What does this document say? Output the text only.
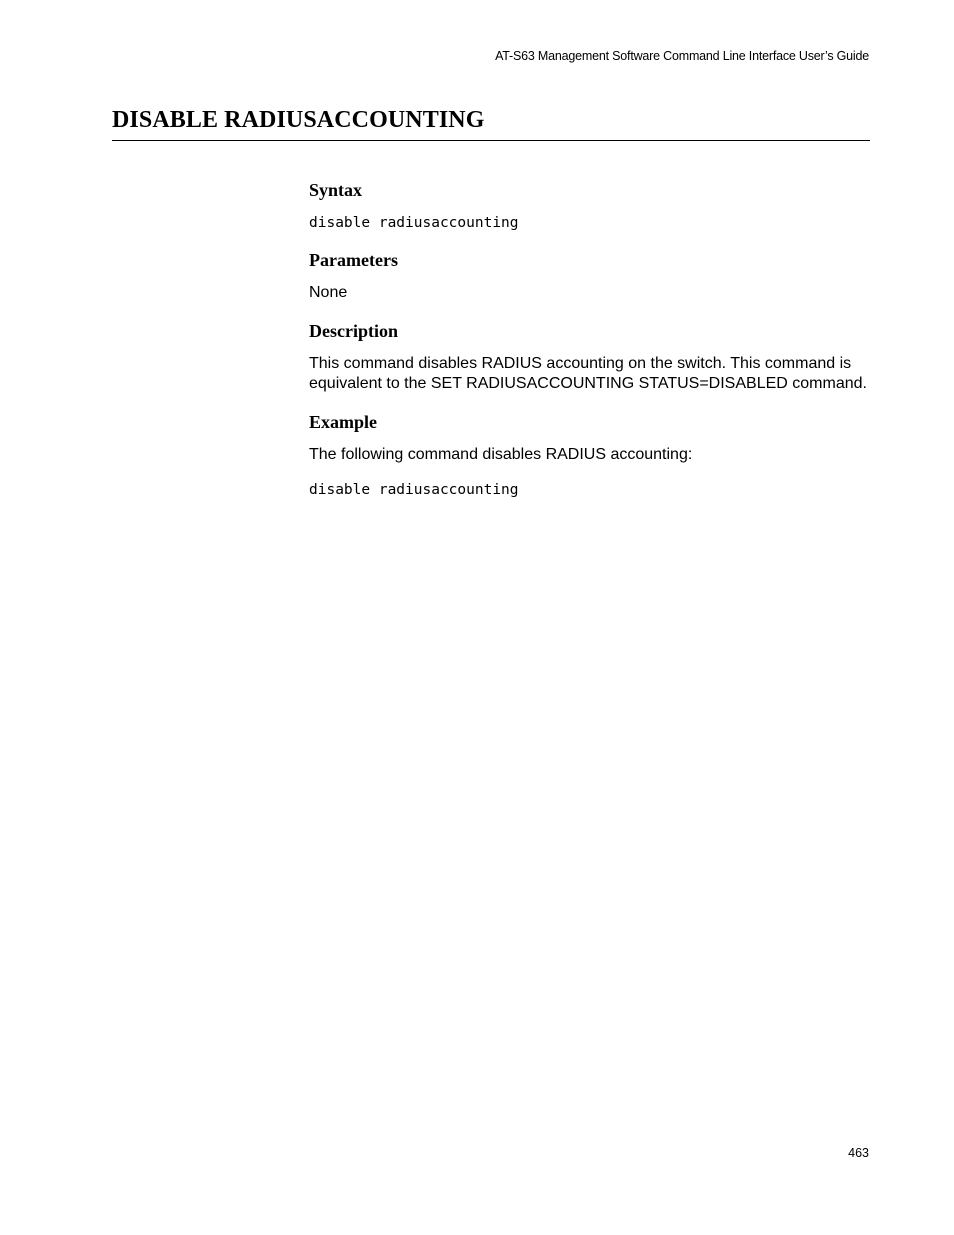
AT-S63 Management Software Command Line Interface User’s Guide
DISABLE RADIUSACCOUNTING
Syntax

disable radiusaccounting

Parameters

None

Description

This command disables RADIUS accounting on the switch. This command is equivalent to the SET RADIUSACCOUNTING STATUS=DISABLED command.

Example

The following command disables RADIUS accounting:

disable radiusaccounting

463
